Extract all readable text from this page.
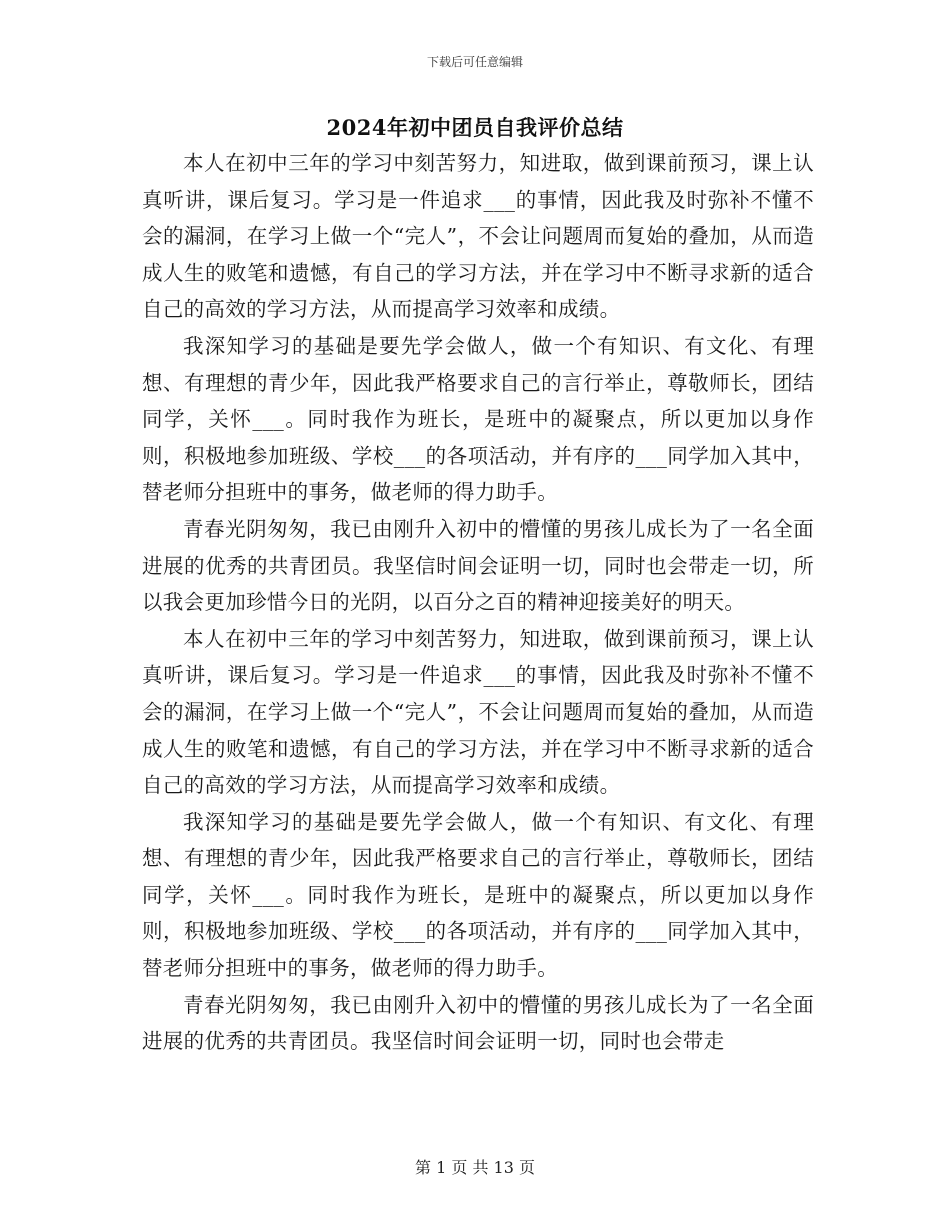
下载后可任意编辑
2024年初中团员自我评价总结

本人在初中三年的学习中刻苦努力，知进取，做到课前预习，课上认真听讲，课后复习。学习是一件追求___的事情，因此我及时弥补不懂不会的漏洞，在学习上做一个“完人”，不会让问题周而复始的叠加，从而造成人生的败笔和遗憾，有自己的学习方法，并在学习中不断寻求新的适合自己的高效的学习方法，从而提高学习效率和成绩。

我深知学习的基础是要先学会做人，做一个有知识、有文化、有理想、有理想的青少年，因此我严格要求自己的言行举止，尊敬师长，团结同学，关怀___。同时我作为班长，是班中的凝聚点，所以更加以身作则，积极地参加班级、学校___的各项活动，并有序的___同学加入其中，替老师分担班中的事务，做老师的得力助手。

青春光阴匆匆，我已由刚升入初中的懵懂的男孩儿成长为了一名全面进展的优秀的共青团员。我坚信时间会证明一切，同时也会带走一切，所以我会更加珍惜今日的光阴，以百分之百的精神迎接美好的明天。

本人在初中三年的学习中刻苦努力，知进取，做到课前预习，课上认真听讲，课后复习。学习是一件追求___的事情，因此我及时弥补不懂不会的漏洞，在学习上做一个“完人”，不会让问题周而复始的叠加，从而造成人生的败笔和遗憾，有自己的学习方法，并在学习中不断寻求新的适合自己的高效的学习方法，从而提高学习效率和成绩。

我深知学习的基础是要先学会做人，做一个有知识、有文化、有理想、有理想的青少年，因此我严格要求自己的言行举止，尊敬师长，团结同学，关怀___。同时我作为班长，是班中的凝聚点，所以更加以身作则，积极地参加班级、学校___的各项活动，并有序的___同学加入其中，替老师分担班中的事务，做老师的得力助手。

青春光阴匆匆，我已由刚升入初中的懵懂的男孩儿成长为了一名全面进展的优秀的共青团员。我坚信时间会证明一切，同时也会带走

第 1 页 共 13 页
